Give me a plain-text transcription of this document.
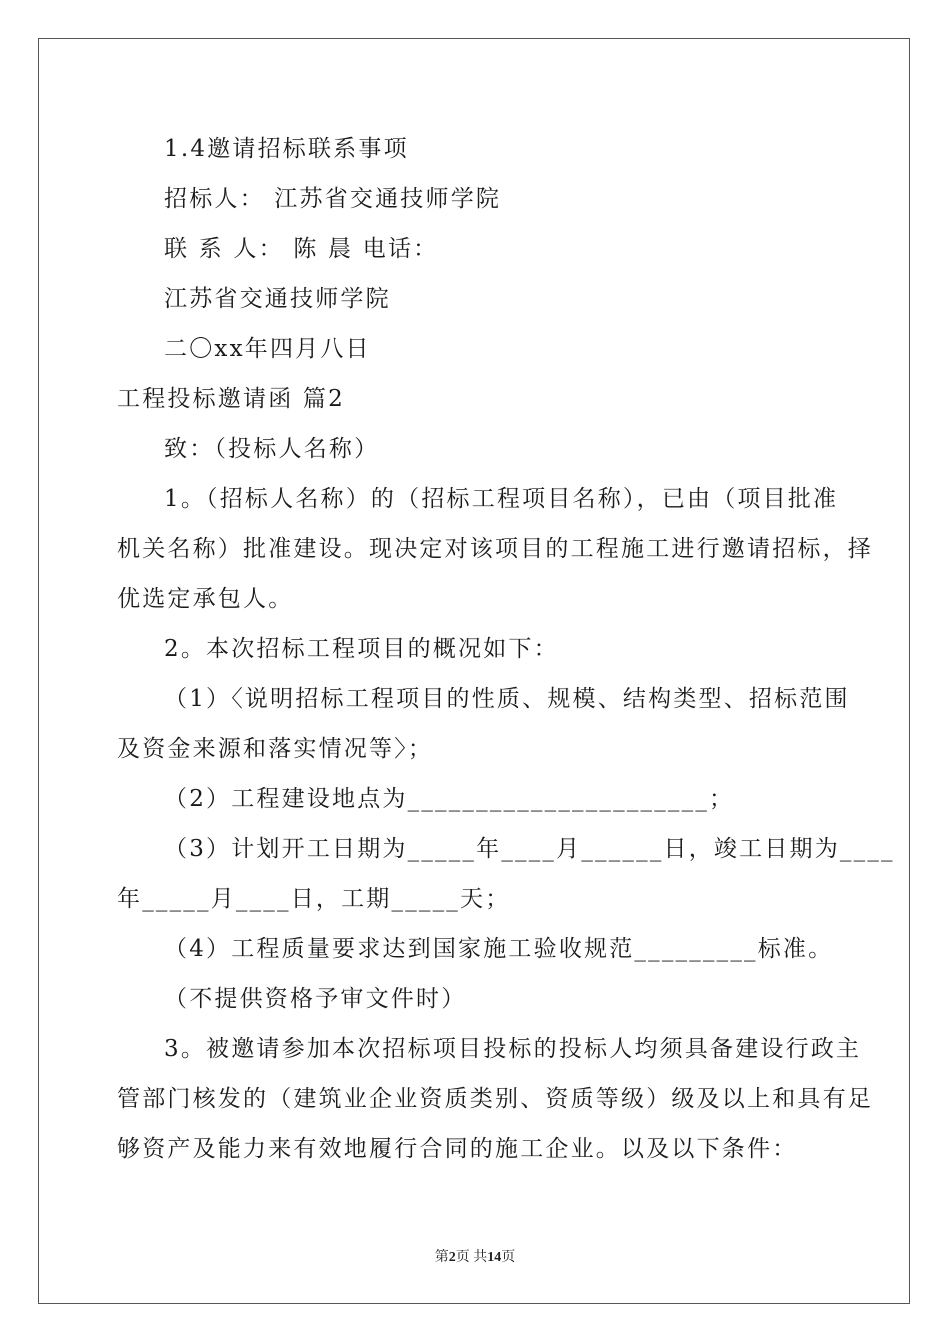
1.4邀请招标联系事项
招标人： 江苏省交通技师学院
联 系 人： 陈 晨 电话：
江苏省交通技师学院
二〇xx年四月八日
工程投标邀请函 篇2
致：（投标人名称）
1。（招标人名称）的（招标工程项目名称），已由（项目批准
机关名称）批准建设。现决定对该项目的工程施工进行邀请招标，择
优选定承包人。
2。本次招标工程项目的概况如下：
（1）〈说明招标工程项目的性质、规模、结构类型、招标范围
及资金来源和落实情况等〉；
（2）工程建设地点为______________________；
（3）计划开工日期为_____年____月______日，竣工日期为____
年_____月____日，工期_____天；
（4）工程质量要求达到国家施工验收规范_________标准。
（不提供资格予审文件时）
3。被邀请参加本次招标项目投标的投标人均须具备建设行政主
管部门核发的（建筑业企业资质类别、资质等级）级及以上和具有足
够资产及能力来有效地履行合同的施工企业。以及以下条件：
第2页 共14页
